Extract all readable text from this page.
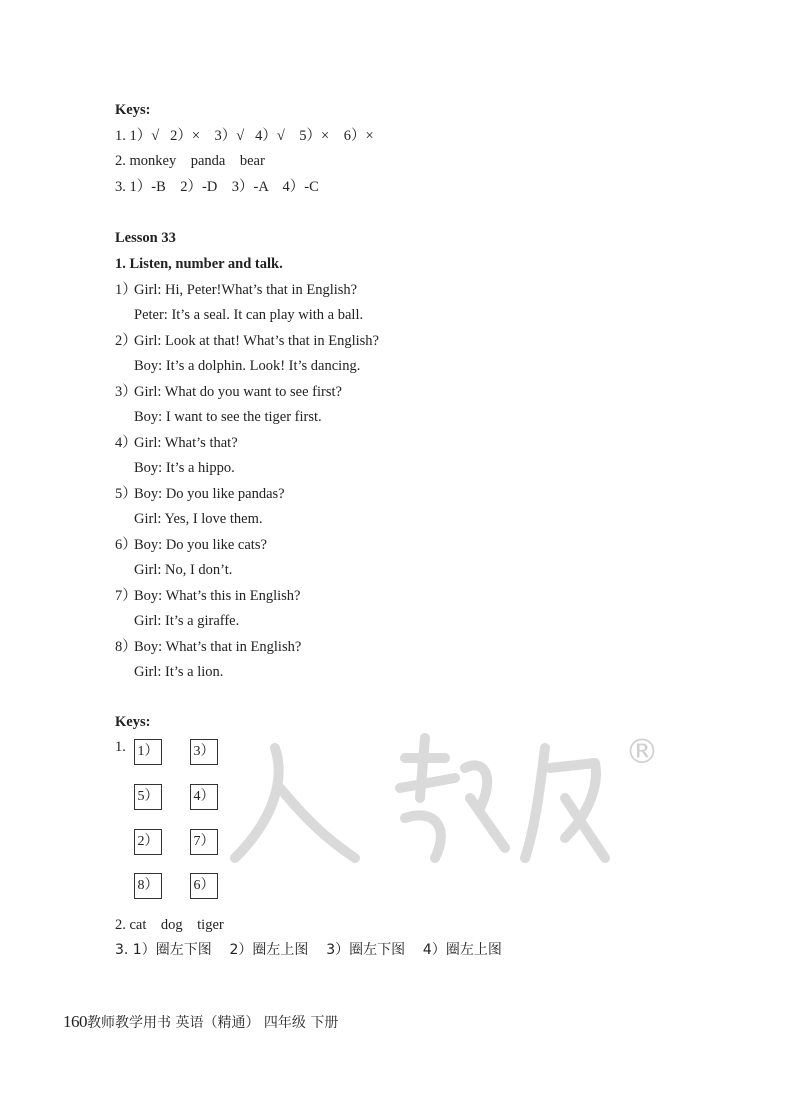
®
Keys:
1. 1）√   2）×    3）√   4）√    5）×    6）×
2. monkey    panda    bear
3. 1）-B    2）-D    3）-A    4）-C
Lesson 33
1. Listen, number and talk.
1）
Girl: Hi, Peter!What’s that in English?
Peter: It’s a seal. It can play with a ball.
2）
Girl: Look at that! What’s that in English?
Boy: It’s a dolphin. Look! It’s dancing.
3）
Girl: What do you want to see first?
Boy: I want to see the tiger first.
4）
Girl: What’s that?
Boy: It’s a hippo.
5）
Boy: Do you like pandas?
Girl: Yes, I love them.
6）
Boy: Do you like cats?
Girl: No, I don’t.
7）
Boy: What’s this in English?
Girl: It’s a giraffe.
8）
Boy: What’s that in English?
Girl: It’s a lion.
Keys:
1. 1）	3）
5）	4）
2）	7）
8）	6）
2. cat    dog    tiger
3. 1）圈左下图    2）圈左上图    3）圈左下图    4）圈左上图
160教师教学用书 英语（精通） 四年级 下册
